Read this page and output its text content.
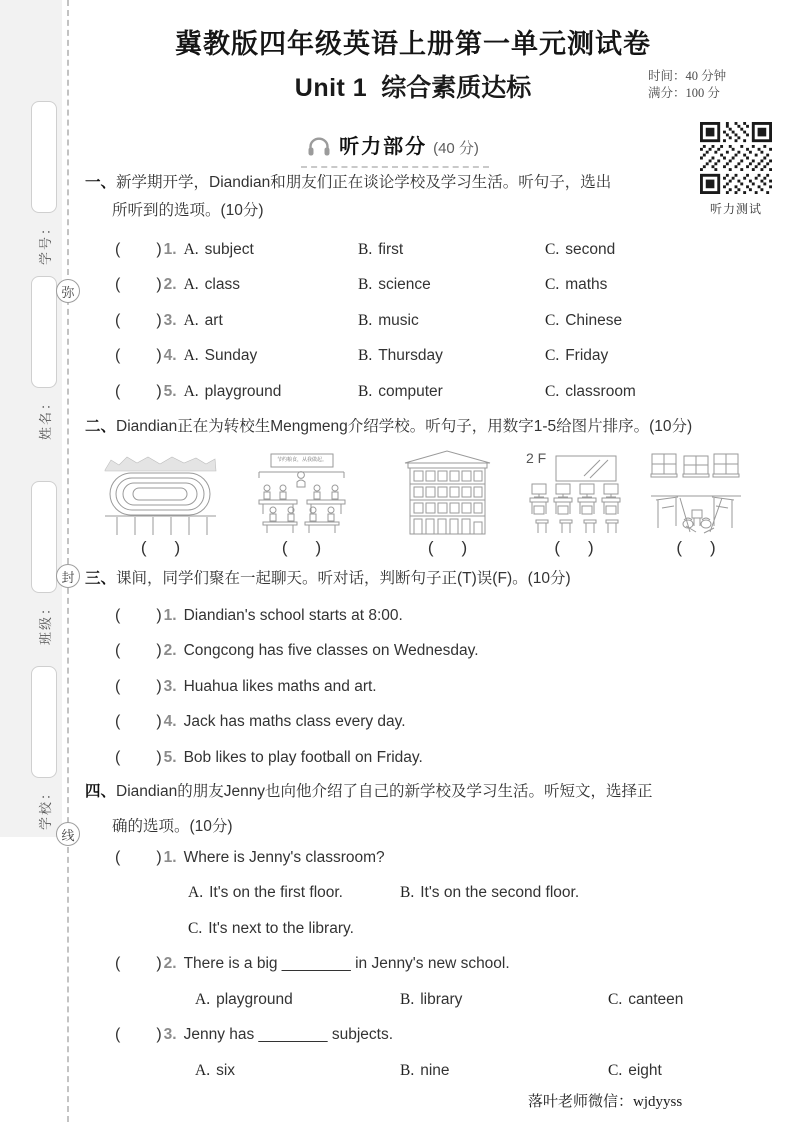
学号：
姓名：
班级：
学校：
弥
封
线
冀教版四年级英语上册第一单元测试卷
Unit 1 综合素质达标	时间：40 分钟
满分：100 分
听力部分 (40 分)
一、新学期开学，Diandian和朋友们正在谈论学校及学习生活。听句子，选出
所听到的选项。(10分)
( ) 1. A. subject	B. first	C. second
( ) 2. A. class	B. science	C. maths
( ) 3. A. art	B. music	C. Chinese
( ) 4. A. Sunday	B. Thursday	C. Friday
( ) 5. A. playground	B. computer	C. classroom
二、Diandian正在为转校生Mengmeng介绍学校。听句子，用数字1-5给图片排序。(10分)
节约粮食，从我做起。	2 F
( )	( )	( )	( )	( )
三、课间，同学们聚在一起聊天。听对话，判断句子正(T)误(F)。(10分)
( ) 1. Diandian's school starts at 8:00.
( ) 2. Congcong has five classes on Wednesday.
( ) 3. Huahua likes maths and art.
( ) 4. Jack has maths class every day.
( ) 5. Bob likes to play football on Friday.
四、Diandian的朋友Jenny也向他介绍了自己的新学校及学习生活。听短文，选择正
确的选项。(10分)
( ) 1. Where is Jenny's classroom?
A. It's on the first floor.	B. It's on the second floor.
C. It's next to the library.
( ) 2. There is a big ________ in Jenny's new school.
A. playground	B. library	C. canteen
( ) 3. Jenny has ________ subjects.
A. six	B. nine	C. eight
听力测试
落叶老师微信：wjdyyss
